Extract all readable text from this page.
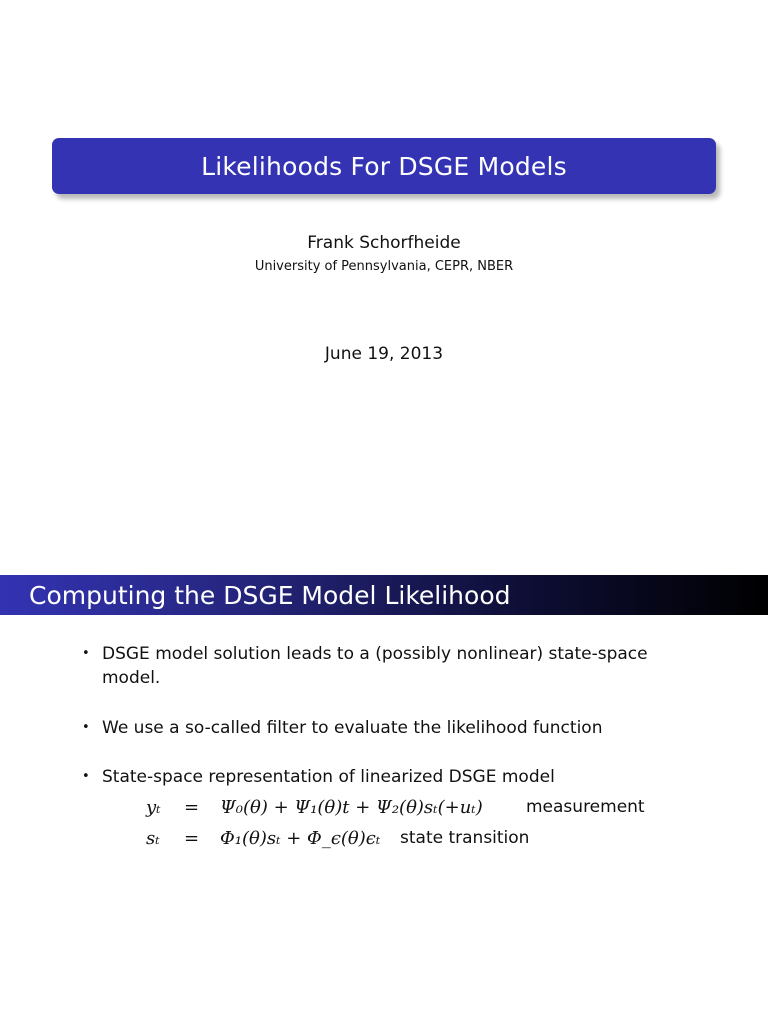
Likelihoods For DSGE Models
Frank Schorfheide
University of Pennsylvania, CEPR, NBER
June 19, 2013
Computing the DSGE Model Likelihood
• DSGE model solution leads to a (possibly nonlinear) state-space model.
• We use a so-called filter to evaluate the likelihood function
• State-space representation of linearized DSGE model
yₜ = Ψ₀(θ) + Ψ₁(θ)t + Ψ₂(θ)sₜ(+uₜ)	measurement
sₜ = Φ₁(θ)sₜ + Φ_ϵ(θ)ϵₜ state transition
